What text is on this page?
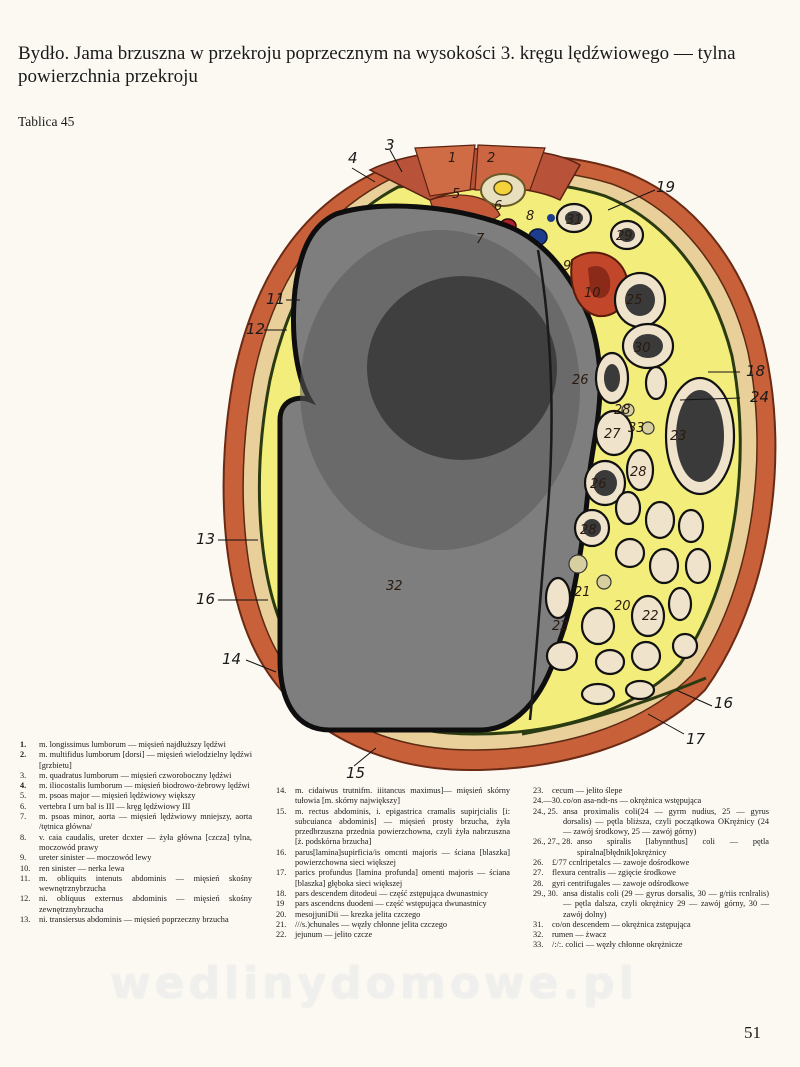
Bydło. Jama brzuszna w przekroju poprzecznym na wysokości 3. kręgu lędźwiowego — tylna powierzchnia przekroju
Tablica 45
1 2
3
4
5
6
7
8
9
10
11
12
13
14
15
16
16
17
18
19
20
21
22
22
23
24
25
26
26
27
28
28
28
29
30
31
32
33
1.	m. longissimus lumborum — mięsień najdłuższy lędźwi
2.	m. multifidus lumborum [dorsi] — mięsień wielodzielny lędźwi [grzbietu]
3.	m. quadratus lumborum — mięsień czworoboczny lędźwi
4.	m. iliocostalis lumborum — mięsień biodrowo-żebrowy lędźwi
5.	m. psoas major — mięsień lędźwiowy większy
6.	vertebra I urn bal is III — kręg lędźwiowy III
7.	m. psoas minor, aorta — mięsień lędźwiowy mniejszy, aorta /tętnica główna/
8.	v. caia caudalis, ureter dcxter — żyła główna [czcza] tylna, moczowód prawy
9.	ureter sinister — moczowód lewy
10.	ren sinister — nerka lewa
11.	m. obliquits intenuts abdominis — mięsień skośny wewnętrznybrzucha
12.	ni. obliquus externus abdominis — mięsień skośny zewnętrznybrzucha
13.	ni. transiersus abdominis — mięsień poprzeczny brzucha
14.	m. cidaiwus trutnifm. iiitancus maximus]— mięsień skórny tułowia [m. skórny największy]
15.	m. rectus abdominis, i. epigastrica cramalis supirjcialis [i: subcuianca abdominis] — mięsień prosty brzucha, żyła przedbrzuszna przednia powierzchowna, czyli żyła nabrzuszna [ż. podskórna brzucha]
16.	parus[lamina]supirficia/is omcnti majoris — ściana [blaszka] powierzchowna sieci większej
17.	parics profundus [lamina profunda] omenti majoris — ściana [blaszka] głęboka sieci większej
18.	pars descendem ditodeui — część zstępująca dwunastnicy
19	pars ascendcns duodeni — część wstępująca dwunastnicy
20.	mesojjuniDii — krezka jelita czczego
21.	///s.)chunales — węzły chłonne jelita czczego
22.	jejunum — jelito czcze
23.	cecum — jelito ślepe
24.—30. co/on asa-ndt-ns — okrężnica wstępująca
24., 25. ansa proximalis coli(24 — gyrm nudius, 25 — gyrus dorsalis) — pętla bliższa, czyli początkowa OKrężnicy (24 — zawój środkowy, 25 — zawój górny)
26., 27., 28. anso spiralis [labynnthus] coli — pętla spiralna[błędnik]okrężnicy
26.	£/77 ccnlripetalcs — zawoje dośrodkowe
27.	flexura centralis — zgięcie środkowe
28.	gyri centrifugales — zawoje odśrodkowe
29., 30. ansa distalis coli (29 — gyrus dorsalis, 30 — g/riis rcnlralis) — pętla dalsza, czyli okrężnicy 29 — zawój górny, 30 — zawój dolny)
31.	co/on descendem — okrężnica zstępująca
32.	rumen — żwacz
33.	/:/:. colici — węzły chłonne okrężnicze
wedlinydomowe.pl
51
